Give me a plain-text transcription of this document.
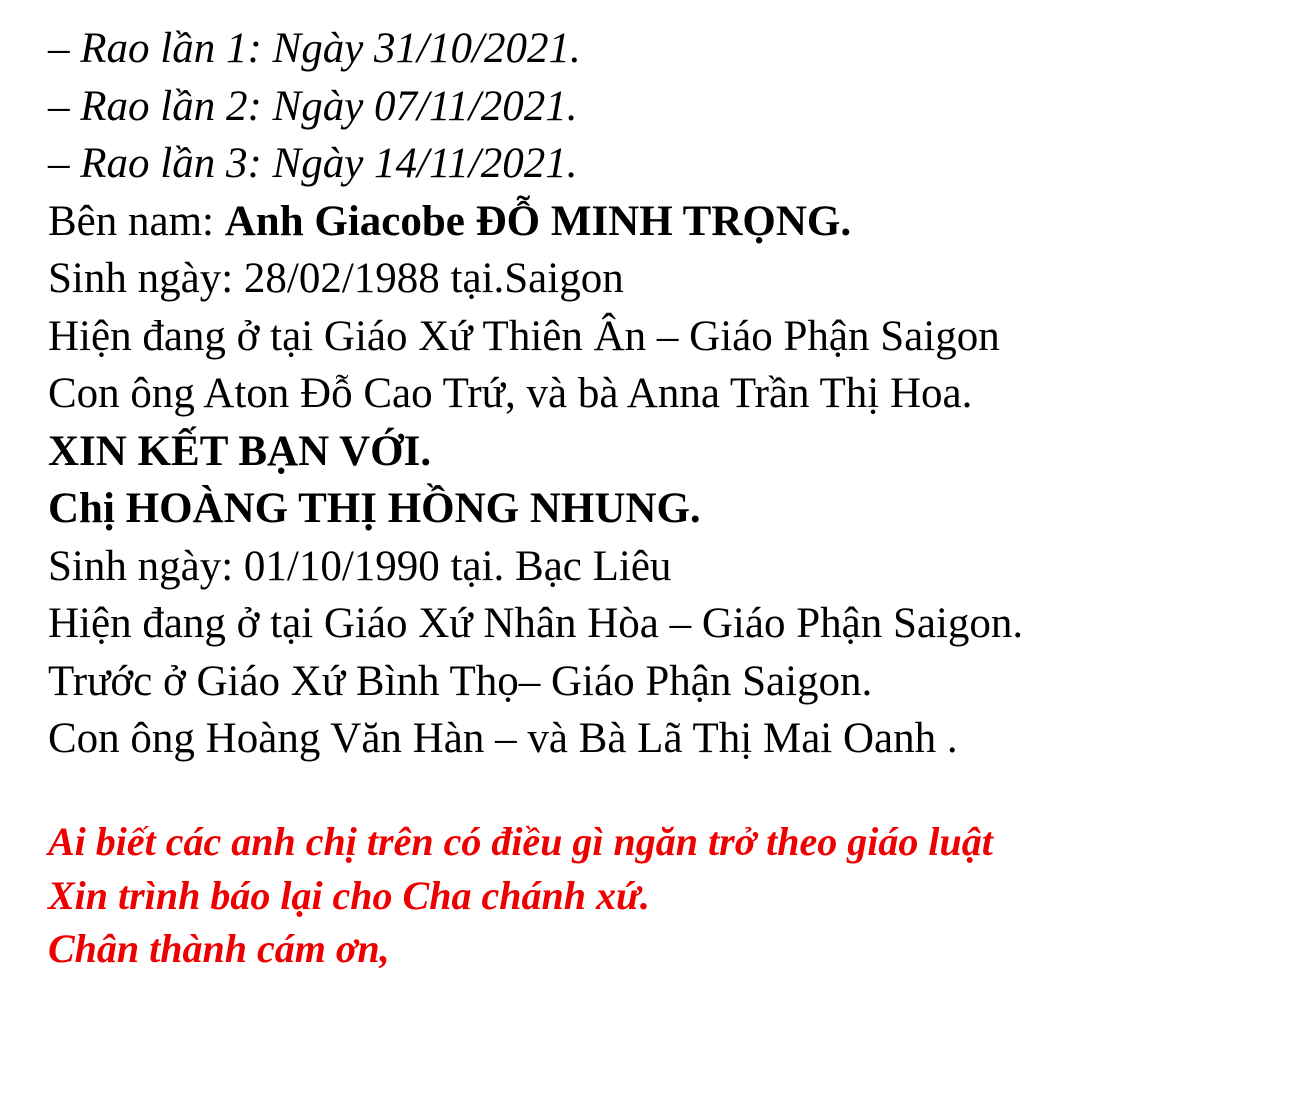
– Rao lần 1: Ngày 31/10/2021.
– Rao lần 2: Ngày 07/11/2021.
– Rao lần 3: Ngày 14/11/2021.
Bên nam: Anh Giacobe ĐỖ MINH TRỌNG.
Sinh ngày: 28/02/1988 tại.Saigon
Hiện đang ở tại Giáo Xứ Thiên Ân – Giáo Phận Saigon
Con ông Aton Đỗ Cao Trứ, và bà Anna Trần Thị Hoa.
XIN KẾT BẠN VỚI.
Chị HOÀNG THỊ HỒNG NHUNG.
Sinh ngày: 01/10/1990 tại. Bạc Liêu
Hiện đang ở tại Giáo Xứ Nhân Hòa – Giáo Phận Saigon.
Trước ở Giáo Xứ Bình Thọ– Giáo Phận Saigon.
Con ông Hoàng Văn Hàn – và Bà Lã Thị Mai Oanh .
Ai biết các anh chị trên có điều gì ngăn trở theo giáo luật
Xin trình báo lại cho Cha chánh xứ.
Chân thành cám ơn,
